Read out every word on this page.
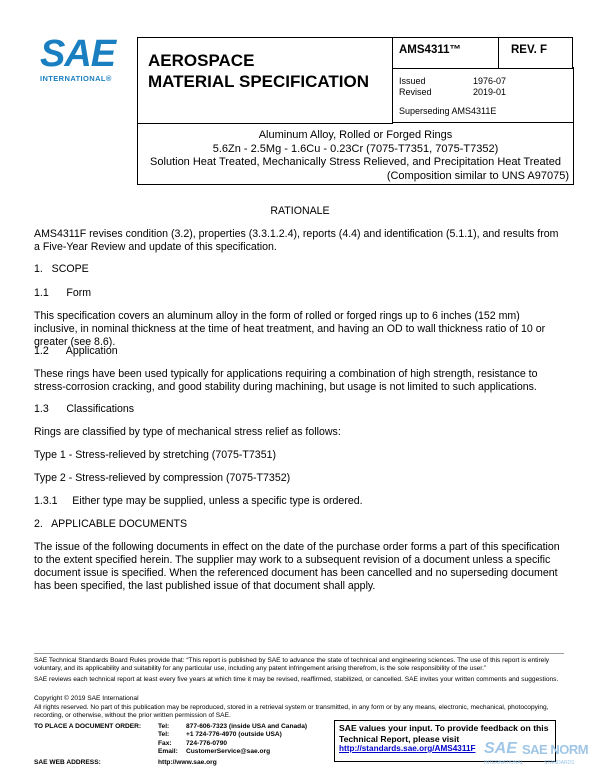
SAE
INTERNATIONAL®
AEROSPACE
MATERIAL SPECIFICATION
AMS4311™	REV. F
Issued	1976-07
Revised	2019-01
Superseding AMS4311E
Aluminum Alloy, Rolled or Forged Rings
5.6Zn - 2.5Mg - 1.6Cu - 0.23Cr (7075-T7351, 7075-T7352)
Solution Heat Treated, Mechanically Stress Relieved, and Precipitation Heat Treated
(Composition similar to UNS A97075)
RATIONALE
AMS4311F revises condition (3.2), properties (3.3.1.2.4), reports (4.4) and identification (5.1.1), and results from a Five-Year Review and update of this specification.
1.   SCOPE
1.1      Form
This specification covers an aluminum alloy in the form of rolled or forged rings up to 6 inches (152 mm) inclusive, in nominal thickness at the time of heat treatment, and having an OD to wall thickness ratio of 10 or greater (see 8.6).
1.2      Application
These rings have been used typically for applications requiring a combination of high strength, resistance to stress-corrosion cracking, and good stability during machining, but usage is not limited to such applications.
1.3      Classifications
Rings are classified by type of mechanical stress relief as follows:
Type 1 - Stress-relieved by stretching (7075-T7351)
Type 2 - Stress-relieved by compression (7075-T7352)
1.3.1     Either type may be supplied, unless a specific type is ordered.
2.   APPLICABLE DOCUMENTS
The issue of the following documents in effect on the date of the purchase order forms a part of this specification to the extent specified herein. The supplier may work to a subsequent revision of a document unless a specific document issue is specified. When the referenced document has been cancelled and no superseding document has been specified, the last published issue of that document shall apply.
SAE Technical Standards Board Rules provide that: “This report is published by SAE to advance the state of technical and engineering sciences. The use of this report is entirely voluntary, and its applicability and suitability for any particular use, including any patent infringement arising therefrom, is the sole responsibility of the user.”
SAE reviews each technical report at least every five years at which time it may be revised, reaffirmed, stabilized, or cancelled. SAE invites your written comments and suggestions.
Copyright © 2019 SAE International
All rights reserved. No part of this publication may be reproduced, stored in a retrieval system or transmitted, in any form or by any means, electronic, mechanical, photocopying, recording, or otherwise, without the prior written permission of SAE.
TO PLACE A DOCUMENT ORDER:	Tel:	877-606-7323 (inside USA and Canada)
Tel:	+1 724-776-4970 (outside USA)
Fax: 724-776-0790
Email: CustomerService@sae.org
SAE WEB ADDRESS:	http://www.sae.org
SAE values your input. To provide feedback on this
Technical Report, please visit
http://standards.sae.org/AMS4311F SAE SAE NORM
INTERNATIONAL	STANDARDS
